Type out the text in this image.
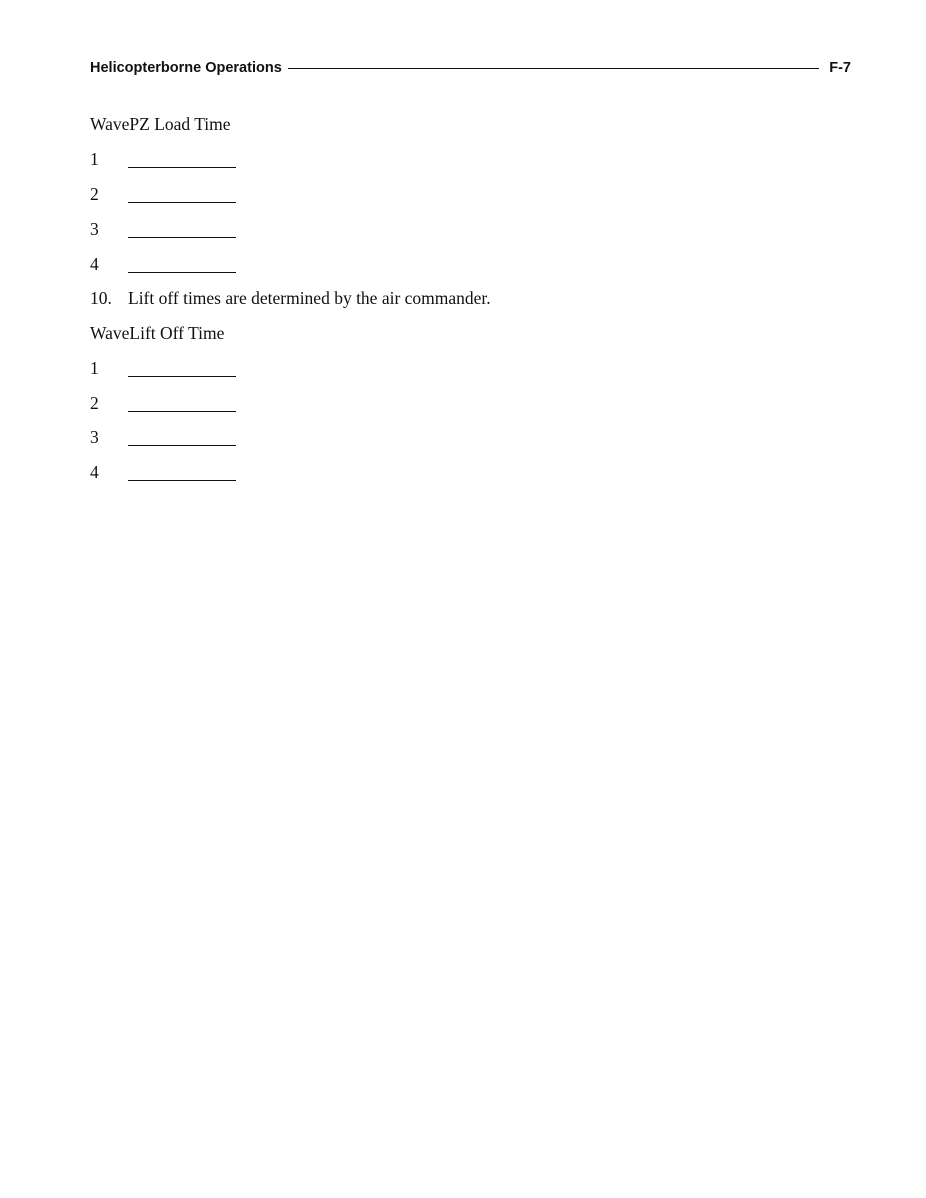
Helicopterborne Operations	F-7
WavePZ Load Time
1
2
3
4
10. Lift off times are determined by the air commander.
WaveLift Off Time
1
2
3
4
